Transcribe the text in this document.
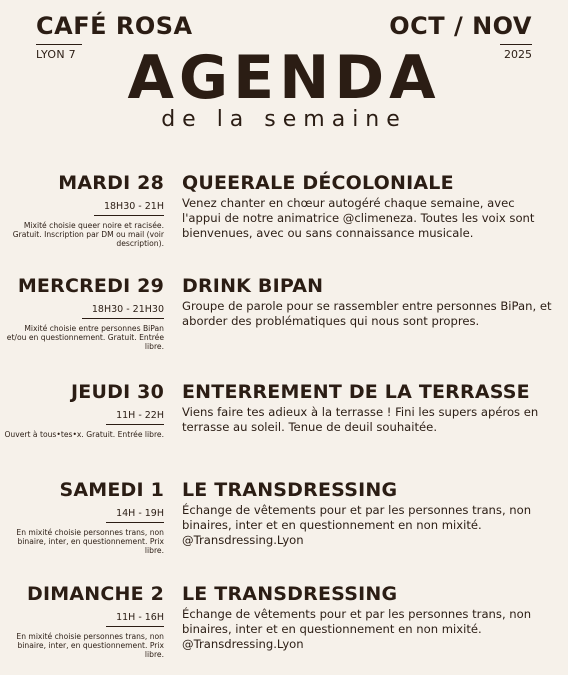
CAFÉ ROSA
LYON 7
OCT / NOV
2025
AGENDA
de la semaine
MARDI 28
18H30 - 21H
Mixité choisie queer noire et racisée. Gratuit. Inscription par DM ou mail (voir description).
QUEERALE DÉCOLONIALE
Venez chanter en chœur autogéré chaque semaine, avec l'appui de notre animatrice @climeneza. Toutes les voix sont bienvenues, avec ou sans connaissance musicale.
MERCREDI 29
18H30 - 21H30
Mixité choisie entre personnes BiPan et/ou en questionnement. Gratuit. Entrée libre.
DRINK BIPAN
Groupe de parole pour se rassembler entre personnes BiPan, et aborder des problématiques qui nous sont propres.
JEUDI 30
11H - 22H
Ouvert à tous•tes•x. Gratuit. Entrée libre.
ENTERREMENT DE LA TERRASSE
Viens faire tes adieux à la terrasse ! Fini les supers apéros en terrasse au soleil. Tenue de deuil souhaitée.
SAMEDI 1
14H - 19H
En mixité choisie personnes trans, non binaire, inter, en questionnement. Prix libre.
LE TRANSDRESSING
Échange de vêtements pour et par les personnes trans, non binaires, inter et en questionnement en non mixité. @Transdressing.Lyon
DIMANCHE 2
11H - 16H
En mixité choisie personnes trans, non binaire, inter, en questionnement. Prix libre.
LE TRANSDRESSING
Échange de vêtements pour et par les personnes trans, non binaires, inter et en questionnement en non mixité. @Transdressing.Lyon
